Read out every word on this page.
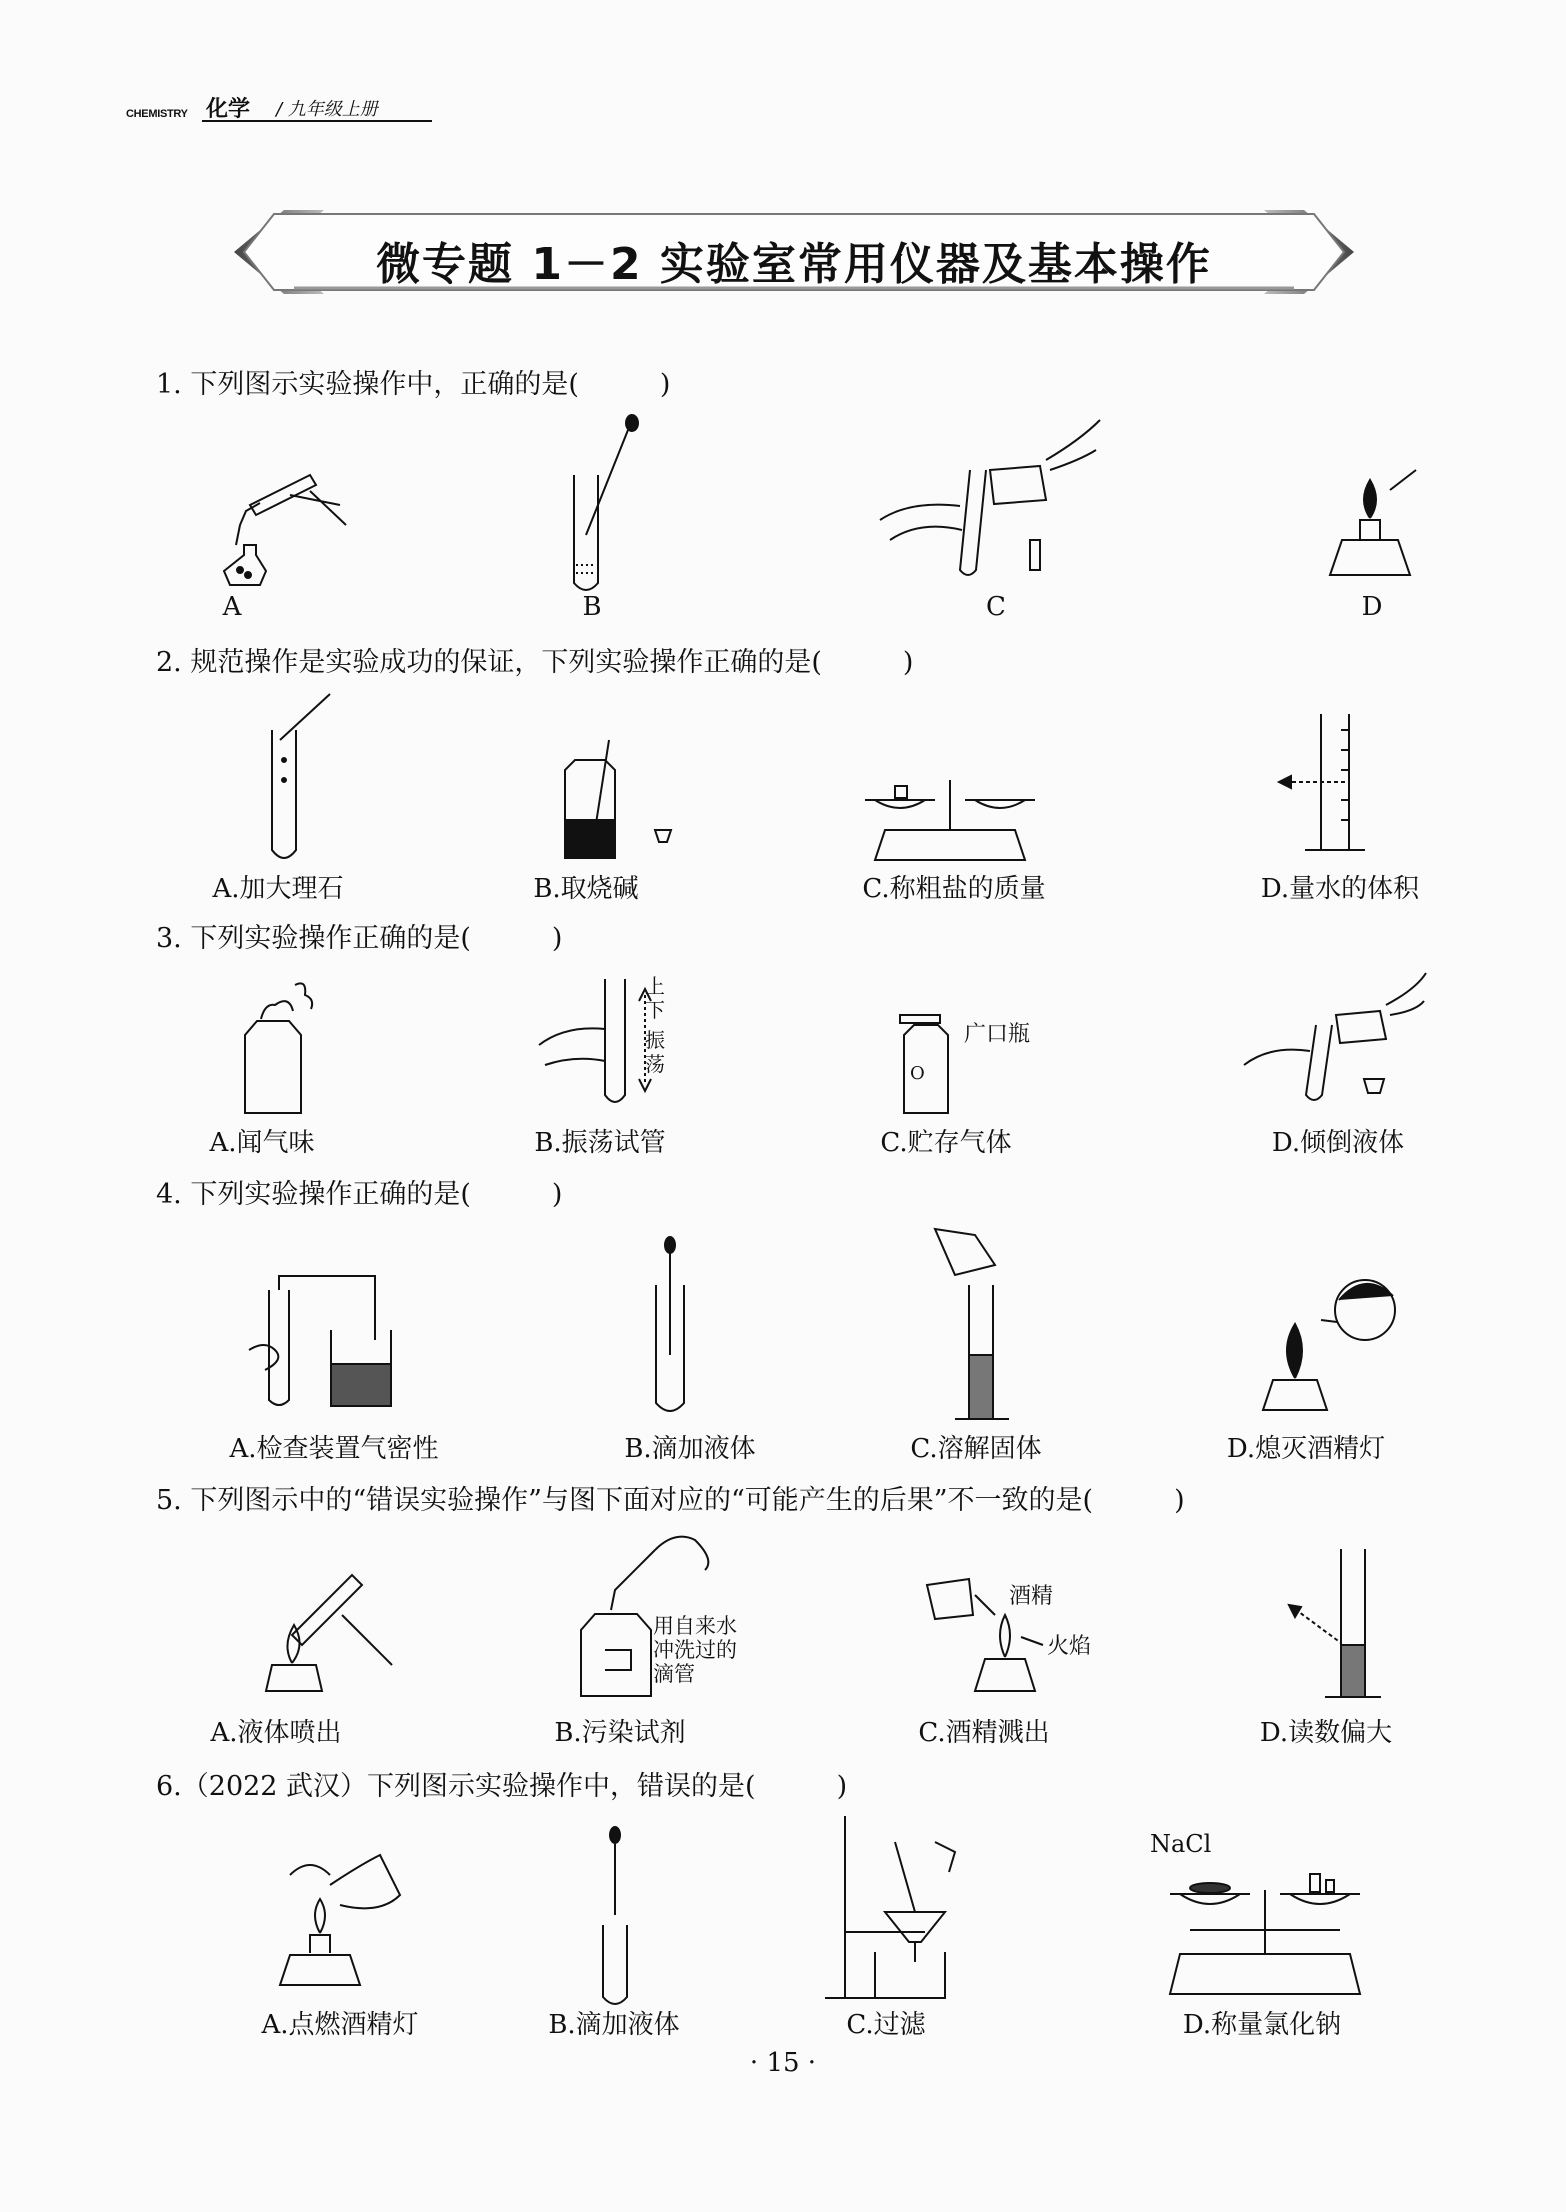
CHEMISTRY 化学 / 九年级上册
微专题 1－2 实验室常用仪器及基本操作
1. 下列图示实验操作中，正确的是(　　　)
A	B	C	D
2. 规范操作是实验成功的保证，下列实验操作正确的是(　　　)
A.加大理石	B.取烧碱	C.称粗盐的质量	D.量水的体积
3. 下列实验操作正确的是(　　　)
A.闻气味
上
下
振
荡
B.振荡试管
O
广口瓶
C.贮存气体	D.倾倒液体
4. 下列实验操作正确的是(　　　)
A.检查装置气密性	B.滴加液体	C.溶解固体	D.熄灭酒精灯
5. 下列图示中的“错误实验操作”与图下面对应的“可能产生的后果”不一致的是(　　　)
A.液体喷出
用自来水
冲洗过的
滴管
B.污染试剂
酒精
火焰
C.酒精溅出	D.读数偏大
6.（2022 武汉）下列图示实验操作中，错误的是(　　　)
A.点燃酒精灯	B.滴加液体	C.过滤
NaCl
D.称量氯化钠
· 15 ·
